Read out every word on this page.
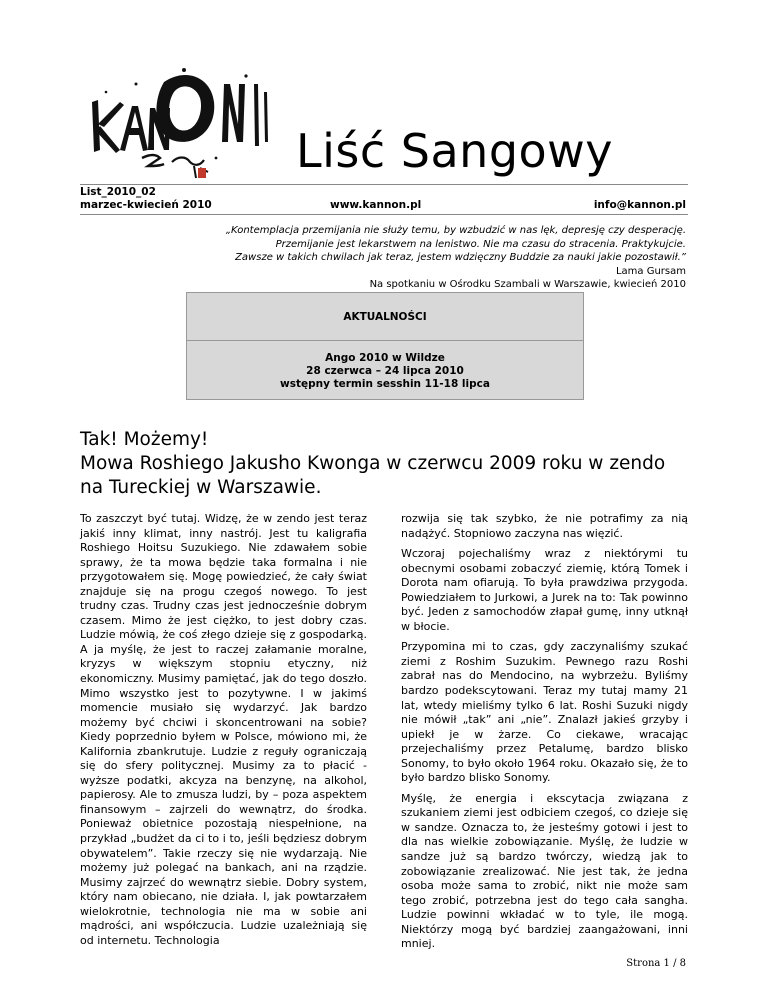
Liść Sangowy
List_2010_02
marzec-kwiecień 2010	www.kannon.pl	info@kannon.pl
„Kontemplacja przemijania nie służy temu, by wzbudzić w nas lęk, depresję czy desperację.
Przemijanie jest lekarstwem na lenistwo. Nie ma czasu do stracenia. Praktykujcie.
Zawsze w takich chwilach jak teraz, jestem wdzięczny Buddzie za nauki jakie pozostawił.”
Lama Gursam
Na spotkaniu w Ośrodku Szambali w Warszawie, kwiecień 2010
AKTUALNOŚCI
Ango 2010 w Wildze
28 czerwca – 24 lipca 2010
wstępny termin sesshin 11-18 lipca
Tak! Możemy!
Mowa Roshiego Jakusho Kwonga w czerwcu 2009 roku w zendo na Tureckiej w Warszawie.

To zaszczyt być tutaj. Widzę, że w zendo jest teraz jakiś inny klimat, inny nastrój. Jest tu kaligrafia Roshiego Hoitsu Suzukiego. Nie zdawałem sobie sprawy, że ta mowa będzie taka formalna i nie przygotowałem się. Mogę powiedzieć, że cały świat znajduje się na progu czegoś nowego. To jest trudny czas. Trudny czas jest jednocześnie dobrym czasem. Mimo że jest ciężko, to jest dobry czas. Ludzie mówią, że coś złego dzieje się z gospodarką. A ja myślę, że jest to raczej załamanie moralne, kryzys w większym stopniu etyczny, niż ekonomiczny. Musimy pamiętać, jak do tego doszło. Mimo wszystko jest to pozytywne. I w jakimś momencie musiało się wydarzyć. Jak bardzo możemy być chciwi i skoncentrowani na sobie? Kiedy poprzednio byłem w Polsce, mówiono mi, że Kalifornia zbankrutuje. Ludzie z reguły ograniczają się do sfery politycznej. Musimy za to płacić - wyższe podatki, akcyza na benzynę, na alkohol, papierosy. Ale to zmusza ludzi, by – poza aspektem finansowym – zajrzeli do wewnątrz, do środka. Ponieważ obietnice pozostają niespełnione, na przykład „budżet da ci to i to, jeśli będziesz dobrym obywatelem”. Takie rzeczy się nie wydarzają. Nie możemy już polegać na bankach, ani na rządzie. Musimy zajrzeć do wewnątrz siebie. Dobry system, który nam obiecano, nie działa. I, jak powtarzałem wielokrotnie, technologia nie ma w sobie ani mądrości, ani współczucia. Ludzie uzależniają się od internetu. Technologia

rozwija się tak szybko, że nie potrafimy za nią nadążyć. Stopniowo zaczyna nas więzić.

Wczoraj pojechaliśmy wraz z niektórymi tu obecnymi osobami zobaczyć ziemię, którą Tomek i Dorota nam ofiarują. To była prawdziwa przygoda. Powiedziałem to Jurkowi, a Jurek na to: Tak powinno być. Jeden z samochodów złapał gumę, inny utknął w błocie.

Przypomina mi to czas, gdy zaczynaliśmy szukać ziemi z Roshim Suzukim. Pewnego razu Roshi zabrał nas do Mendocino, na wybrzeżu. Byliśmy bardzo podekscytowani. Teraz my tutaj mamy 21 lat, wtedy mieliśmy tylko 6 lat. Roshi Suzuki nigdy nie mówił „tak” ani „nie”. Znalazł jakieś grzyby i upiekł je w żarze. Co ciekawe, wracając przejechaliśmy przez Petalumę, bardzo blisko Sonomy, to było około 1964 roku. Okazało się, że to było bardzo blisko Sonomy.

Myślę, że energia i ekscytacja związana z szukaniem ziemi jest odbiciem czegoś, co dzieje się w sandze. Oznacza to, że jesteśmy gotowi i jest to dla nas wielkie zobowiązanie. Myślę, że ludzie w sandze już są bardzo twórczy, wiedzą jak to zobowiązanie zrealizować. Nie jest tak, że jedna osoba może sama to zrobić, nikt nie może sam tego zrobić, potrzebna jest do tego cała sangha. Ludzie powinni wkładać w to tyle, ile mogą. Niektórzy mogą być bardziej zaangażowani, inni mniej.

Strona 1 / 8
